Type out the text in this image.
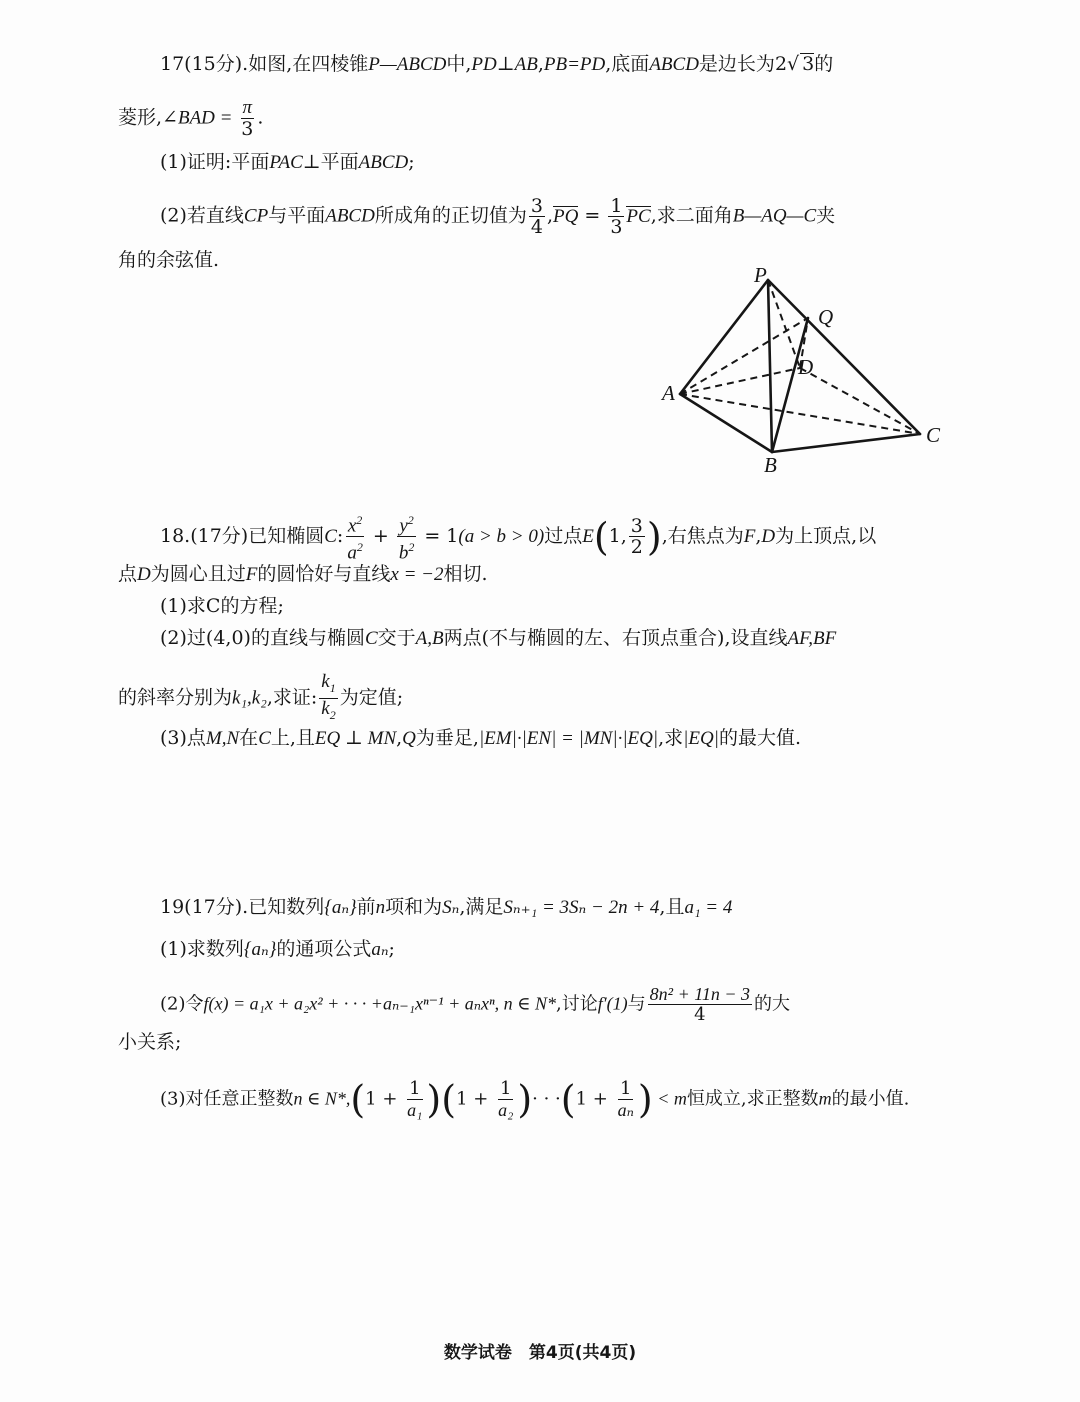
17(15分).如图,在四棱锥P—ABCD中,PD⊥AB,PB=PD,底面ABCD是边长为2√ 3的
菱形,∠BAD = $\frac{\pi}{3}$ .
(1)证明:平面PAC⊥平面ABCD;
(2)若直线CP与平面ABCD所成角的正切值为 $\frac{3}{4} ,PQ = \frac{1}{3}$ PC,求二面角B—AQ—C夹
角的余弦值.
P
Q
D
A
B
C
18.(17分)已知椭圆C: $\frac{x^2}{a^2} + \frac{y^2}{b^2} = 1(a > b > 0)$过点E(1, $\frac{3}{2}$ ),右焦点为F,D为上顶点,以
点D为圆心且过F的圆恰好与直线x = −2相切.
(1)求C的方程;
(2)过(4,0)的直线与椭圆C交于A,B两点(不与椭圆的左、右顶点重合),设直线AF,BF
的斜率分别为k₁,k₂,求证: $\frac{k_1}{k_2}$ 为定值;
(3)点M,N在C上,且EQ ⊥ MN,Q为垂足,|EM|·|EN| = |MN|·|EQ|,求|EQ|的最大值.
19(17分).已知数列{aₙ}前n项和为Sₙ,满足Sₙ₊₁ = 3Sₙ − 2n + 4,且a₁ = 4
(1)求数列{aₙ}的通项公式aₙ;
(2)令f(x) = a₁x + a₂x² + · · · +aₙ₋₁xⁿ⁻¹ + aₙxⁿ, n ∈ N*,讨论f′(1)与 $\frac{\text{8n² + 11n − 3}}{4}$ 的大
小关系;
(3)对任意正整数n ∈ $N*,(1 + \frac{1}{\text{a₁}} )(1 + \frac{1}{\text{a₂}}$ )· · $\cdot(1 + \frac{1}{\text{aₙ}}$ ) < m恒成立,求正整数m的最小值.
数学试卷　第4页(共4页)
